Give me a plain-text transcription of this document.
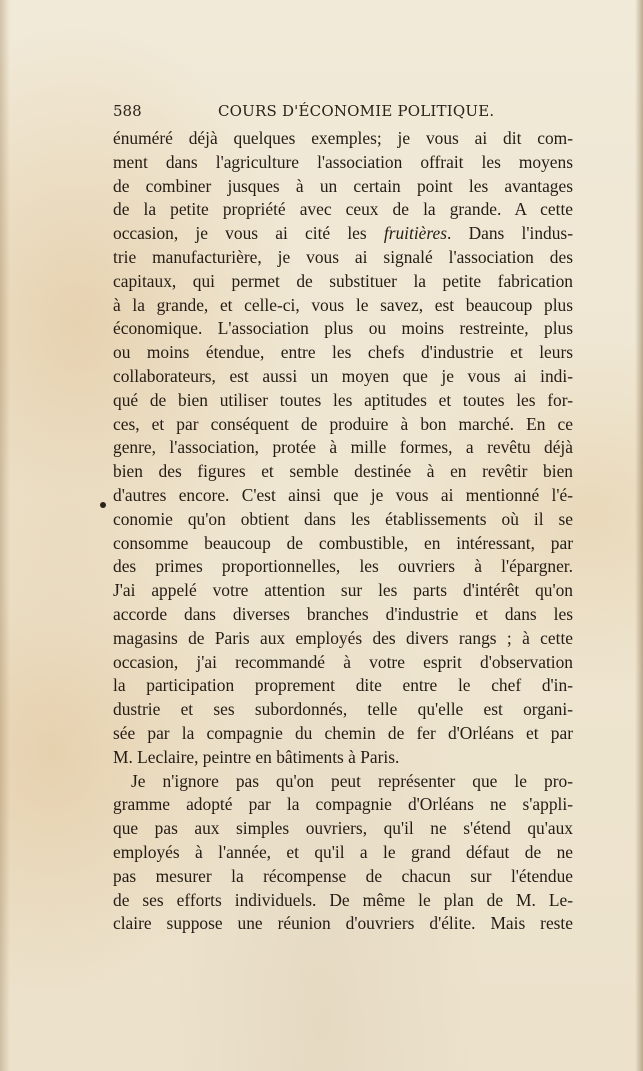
588	COURS D'ÉCONOMIE POLITIQUE.
énuméré déjà quelques exemples; je vous ai dit com-
ment dans l'agriculture l'association offrait les moyens
de combiner jusques à un certain point les avantages
de la petite propriété avec ceux de la grande. A cette
occasion, je vous ai cité les fruitières. Dans l'indus-
trie manufacturière, je vous ai signalé l'association des
capitaux, qui permet de substituer la petite fabrication
à la grande, et celle-ci, vous le savez, est beaucoup plus
économique. L'association plus ou moins restreinte, plus
ou moins étendue, entre les chefs d'industrie et leurs
collaborateurs, est aussi un moyen que je vous ai indi-
qué de bien utiliser toutes les aptitudes et toutes les for-
ces, et par conséquent de produire à bon marché. En ce
genre, l'association, protée à mille formes, a revêtu déjà
bien des figures et semble destinée à en revêtir bien
d'autres encore. C'est ainsi que je vous ai mentionné l'é-
conomie qu'on obtient dans les établissements où il se
consomme beaucoup de combustible, en intéressant, par
des primes proportionnelles, les ouvriers à l'épargner.
J'ai appelé votre attention sur les parts d'intérêt qu'on
accorde dans diverses branches d'industrie et dans les
magasins de Paris aux employés des divers rangs ; à cette
occasion, j'ai recommandé à votre esprit d'observation
la participation proprement dite entre le chef d'in-
dustrie et ses subordonnés, telle qu'elle est organi-
sée par la compagnie du chemin de fer d'Orléans et par
M. Leclaire, peintre en bâtiments à Paris.
Je n'ignore pas qu'on peut représenter que le pro-
gramme adopté par la compagnie d'Orléans ne s'appli-
que pas aux simples ouvriers, qu'il ne s'étend qu'aux
employés à l'année, et qu'il a le grand défaut de ne
pas mesurer la récompense de chacun sur l'étendue
de ses efforts individuels. De même le plan de M. Le-
claire suppose une réunion d'ouvriers d'élite. Mais reste
